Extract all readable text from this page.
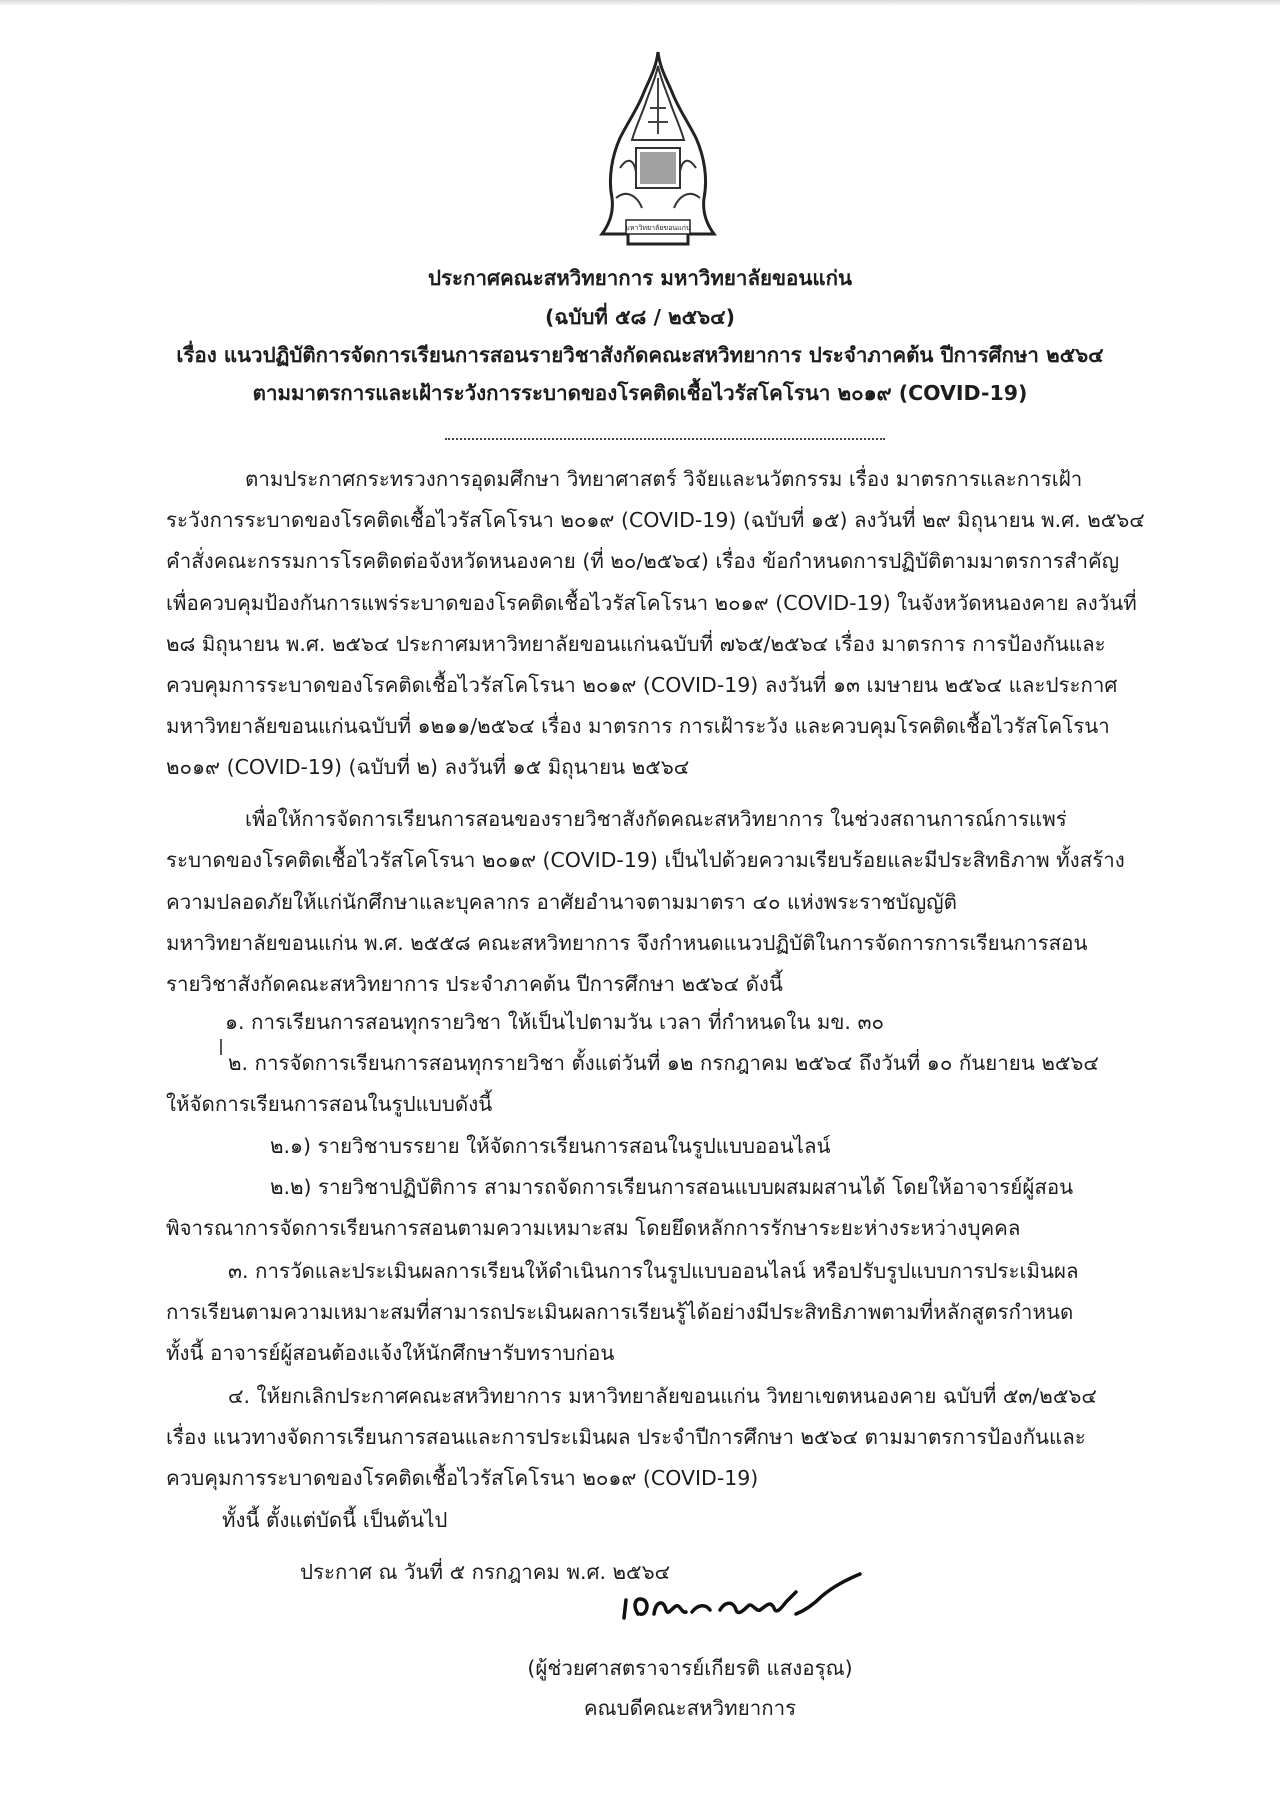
มหาวิทยาลัยขอนแก่น
ประกาศคณะสหวิทยาการ มหาวิทยาลัยขอนแก่น
(ฉบับที่ ๕๘ / ๒๕๖๔)
เรื่อง แนวปฏิบัติการจัดการเรียนการสอนรายวิชาสังกัดคณะสหวิทยาการ ประจำภาคต้น ปีการศึกษา ๒๕๖๔
ตามมาตรการและเฝ้าระวังการระบาดของโรคติดเชื้อไวรัสโคโรนา ๒๐๑๙ (COVID-19)
ตามประกาศกระทรวงการอุดมศึกษา วิทยาศาสตร์ วิจัยและนวัตกรรม เรื่อง มาตรการและการเฝ้า
ระวังการระบาดของโรคติดเชื้อไวรัสโคโรนา ๒๐๑๙ (COVID-19) (ฉบับที่ ๑๕) ลงวันที่ ๒๙ มิถุนายน พ.ศ. ๒๕๖๔
คำสั่งคณะกรรมการโรคติดต่อจังหวัดหนองคาย (ที่ ๒๐/๒๕๖๔) เรื่อง ข้อกำหนดการปฏิบัติตามมาตรการสำคัญ
เพื่อควบคุมป้องกันการแพร่ระบาดของโรคติดเชื้อไวรัสโคโรนา ๒๐๑๙ (COVID-19) ในจังหวัดหนองคาย ลงวันที่
๒๘ มิถุนายน พ.ศ. ๒๕๖๔ ประกาศมหาวิทยาลัยขอนแก่นฉบับที่ ๗๖๕/๒๕๖๔ เรื่อง มาตรการ การป้องกันและ
ควบคุมการระบาดของโรคติดเชื้อไวรัสโคโรนา ๒๐๑๙ (COVID-19) ลงวันที่ ๑๓ เมษายน ๒๕๖๔ และประกาศ
มหาวิทยาลัยขอนแก่นฉบับที่ ๑๒๑๑/๒๕๖๔ เรื่อง มาตรการ การเฝ้าระวัง และควบคุมโรคติดเชื้อไวรัสโคโรนา
๒๐๑๙ (COVID-19) (ฉบับที่ ๒) ลงวันที่ ๑๕ มิถุนายน ๒๕๖๔
เพื่อให้การจัดการเรียนการสอนของรายวิชาสังกัดคณะสหวิทยาการ ในช่วงสถานการณ์การแพร่
ระบาดของโรคติดเชื้อไวรัสโคโรนา ๒๐๑๙ (COVID-19) เป็นไปด้วยความเรียบร้อยและมีประสิทธิภาพ ทั้งสร้าง
ความปลอดภัยให้แก่นักศึกษาและบุคลากร อาศัยอำนาจตามมาตรา ๔๐ แห่งพระราชบัญญัติ
มหาวิทยาลัยขอนแก่น พ.ศ. ๒๕๕๘ คณะสหวิทยาการ จึงกำหนดแนวปฏิบัติในการจัดการการเรียนการสอน
รายวิชาสังกัดคณะสหวิทยาการ ประจำภาคต้น ปีการศึกษา ๒๕๖๔ ดังนี้
๑. การเรียนการสอนทุกรายวิชา ให้เป็นไปตามวัน เวลา ที่กำหนดใน มข. ๓๐
๒. การจัดการเรียนการสอนทุกรายวิชา ตั้งแต่วันที่ ๑๒ กรกฎาคม ๒๕๖๔ ถึงวันที่ ๑๐ กันยายน ๒๕๖๔
ให้จัดการเรียนการสอนในรูปแบบดังนี้
๒.๑) รายวิชาบรรยาย ให้จัดการเรียนการสอนในรูปแบบออนไลน์
๒.๒) รายวิชาปฏิบัติการ สามารถจัดการเรียนการสอนแบบผสมผสานได้ โดยให้อาจารย์ผู้สอน
พิจารณาการจัดการเรียนการสอนตามความเหมาะสม โดยยึดหลักการรักษาระยะห่างระหว่างบุคคล
๓. การวัดและประเมินผลการเรียนให้ดำเนินการในรูปแบบออนไลน์ หรือปรับรูปแบบการประเมินผล
การเรียนตามความเหมาะสมที่สามารถประเมินผลการเรียนรู้ได้อย่างมีประสิทธิภาพตามที่หลักสูตรกำหนด
ทั้งนี้ อาจารย์ผู้สอนต้องแจ้งให้นักศึกษารับทราบก่อน
๔. ให้ยกเลิกประกาศคณะสหวิทยาการ มหาวิทยาลัยขอนแก่น วิทยาเขตหนองคาย ฉบับที่ ๕๓/๒๕๖๔
เรื่อง แนวทางจัดการเรียนการสอนและการประเมินผล ประจำปีการศึกษา ๒๕๖๔ ตามมาตรการป้องกันและ
ควบคุมการระบาดของโรคติดเชื้อไวรัสโคโรนา ๒๐๑๙ (COVID-19)
ทั้งนี้ ตั้งแต่บัดนี้ เป็นต้นไป
ประกาศ ณ วันที่ ๕ กรกฎาคม พ.ศ. ๒๕๖๔
(ผู้ช่วยศาสตราจารย์เกียรติ แสงอรุณ)
คณบดีคณะสหวิทยาการ
